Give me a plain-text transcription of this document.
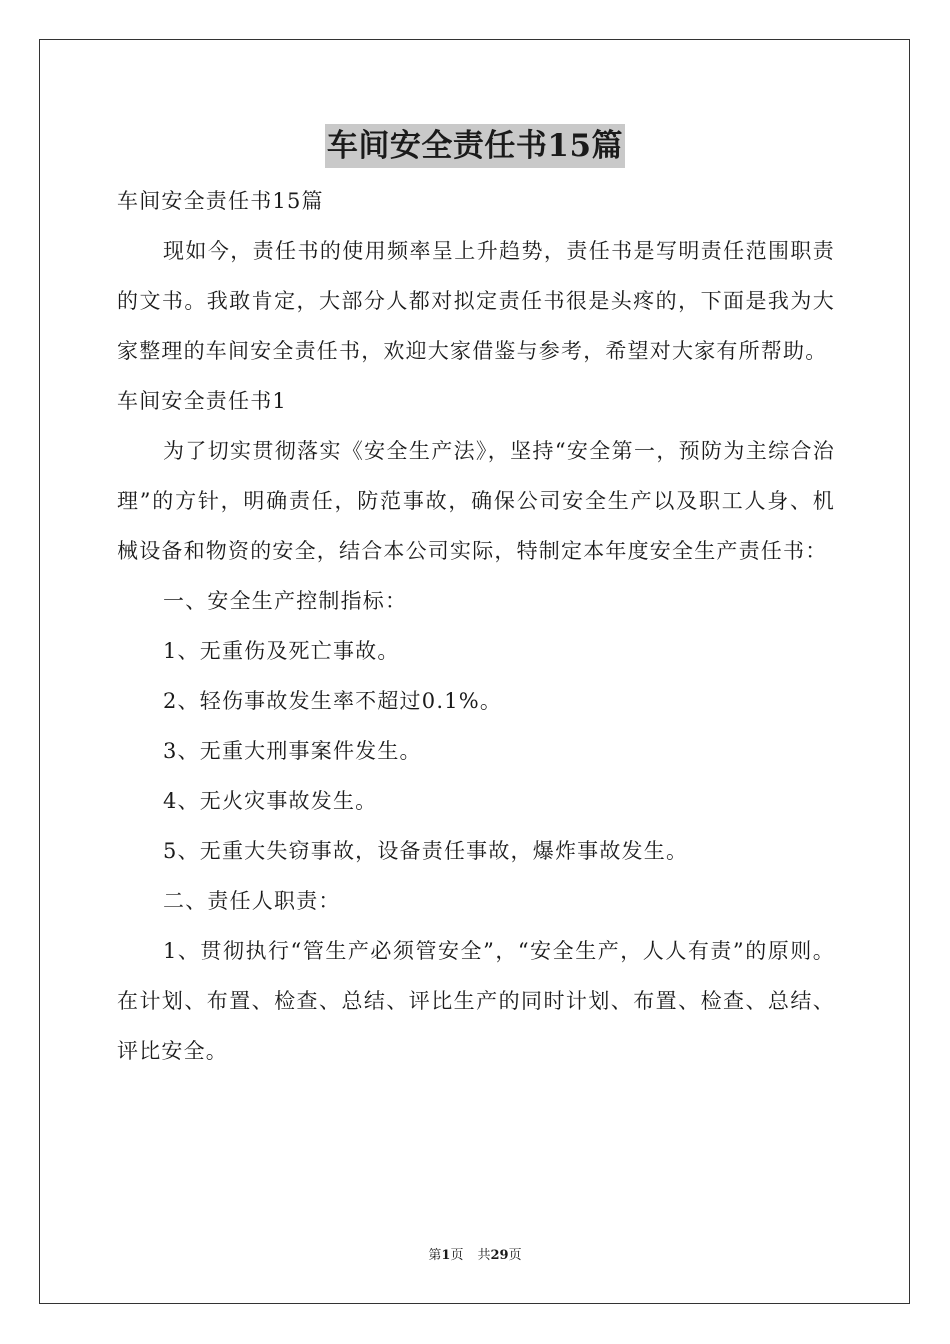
车间安全责任书15篇

车间安全责任书15篇

现如今，责任书的使用频率呈上升趋势，责任书是写明责任范围职责的文书。我敢肯定，大部分人都对拟定责任书很是头疼的，下面是我为大家整理的车间安全责任书，欢迎大家借鉴与参考，希望对大家有所帮助。

车间安全责任书1

为了切实贯彻落实《安全生产法》，坚持“安全第一，预防为主综合治理”的方针，明确责任，防范事故，确保公司安全生产以及职工人身、机械设备和物资的安全，结合本公司实际，特制定本年度安全生产责任书：

一、安全生产控制指标：

1、无重伤及死亡事故。

2、轻伤事故发生率不超过0.1%。

3、无重大刑事案件发生。

4、无火灾事故发生。

5、无重大失窃事故，设备责任事故，爆炸事故发生。

二、责任人职责：

1、贯彻执行“管生产必须管安全”，“安全生产，人人有责”的原则。在计划、布置、检查、总结、评比生产的同时计划、布置、检查、总结、评比安全。

第1页 共29页
